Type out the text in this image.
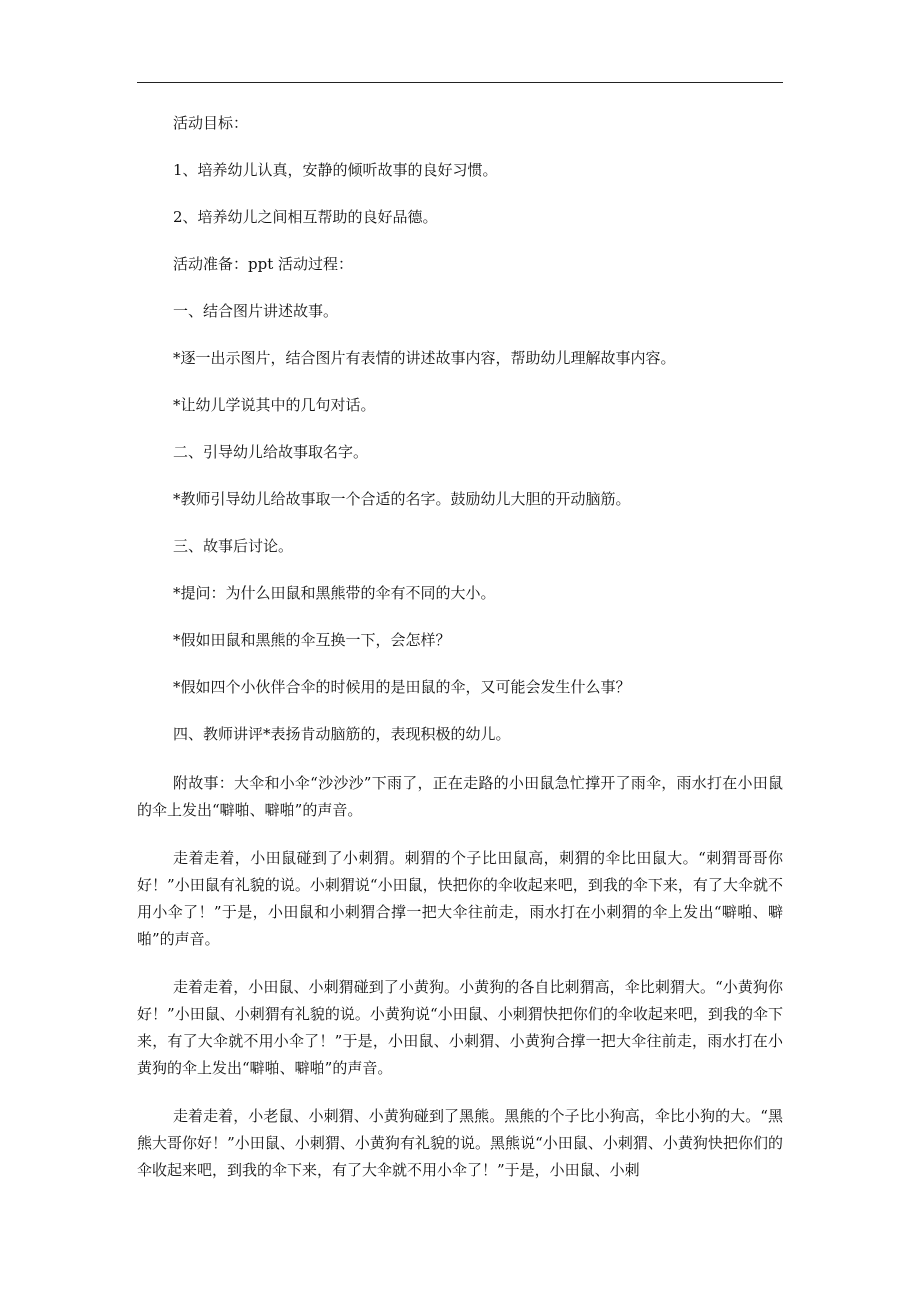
活动目标：

1、培养幼儿认真，安静的倾听故事的良好习惯。

2、培养幼儿之间相互帮助的良好品德。

活动准备：ppt 活动过程：

一、结合图片讲述故事。

*逐一出示图片，结合图片有表情的讲述故事内容，帮助幼儿理解故事内容。

*让幼儿学说其中的几句对话。

二、引导幼儿给故事取名字。

*教师引导幼儿给故事取一个合适的名字。鼓励幼儿大胆的开动脑筋。

三、故事后讨论。

*提问：为什么田鼠和黑熊带的伞有不同的大小。

*假如田鼠和黑熊的伞互换一下，会怎样？

*假如四个小伙伴合伞的时候用的是田鼠的伞，又可能会发生什么事？

四、教师讲评*表扬肯动脑筋的，表现积极的幼儿。

附故事：大伞和小伞“沙沙沙”下雨了，正在走路的小田鼠急忙撑开了雨伞，雨水打在小田鼠的伞上发出“噼啪、噼啪”的声音。

走着走着，小田鼠碰到了小刺猬。刺猬的个子比田鼠高，刺猬的伞比田鼠大。“刺猬哥哥你好！”小田鼠有礼貌的说。小刺猬说“小田鼠，快把你的伞收起来吧，到我的伞下来，有了大伞就不用小伞了！”于是，小田鼠和小刺猬合撑一把大伞往前走，雨水打在小刺猬的伞上发出“噼啪、噼啪”的声音。

走着走着，小田鼠、小刺猬碰到了小黄狗。小黄狗的各自比刺猬高，伞比刺猬大。“小黄狗你好！”小田鼠、小刺猬有礼貌的说。小黄狗说“小田鼠、小刺猬快把你们的伞收起来吧，到我的伞下来，有了大伞就不用小伞了！”于是，小田鼠、小刺猬、小黄狗合撑一把大伞往前走，雨水打在小黄狗的伞上发出“噼啪、噼啪”的声音。

走着走着，小老鼠、小刺猬、小黄狗碰到了黑熊。黑熊的个子比小狗高，伞比小狗的大。“黑熊大哥你好！”小田鼠、小刺猬、小黄狗有礼貌的说。黑熊说“小田鼠、小刺猬、小黄狗快把你们的伞收起来吧，到我的伞下来，有了大伞就不用小伞了！”于是，小田鼠、小刺
